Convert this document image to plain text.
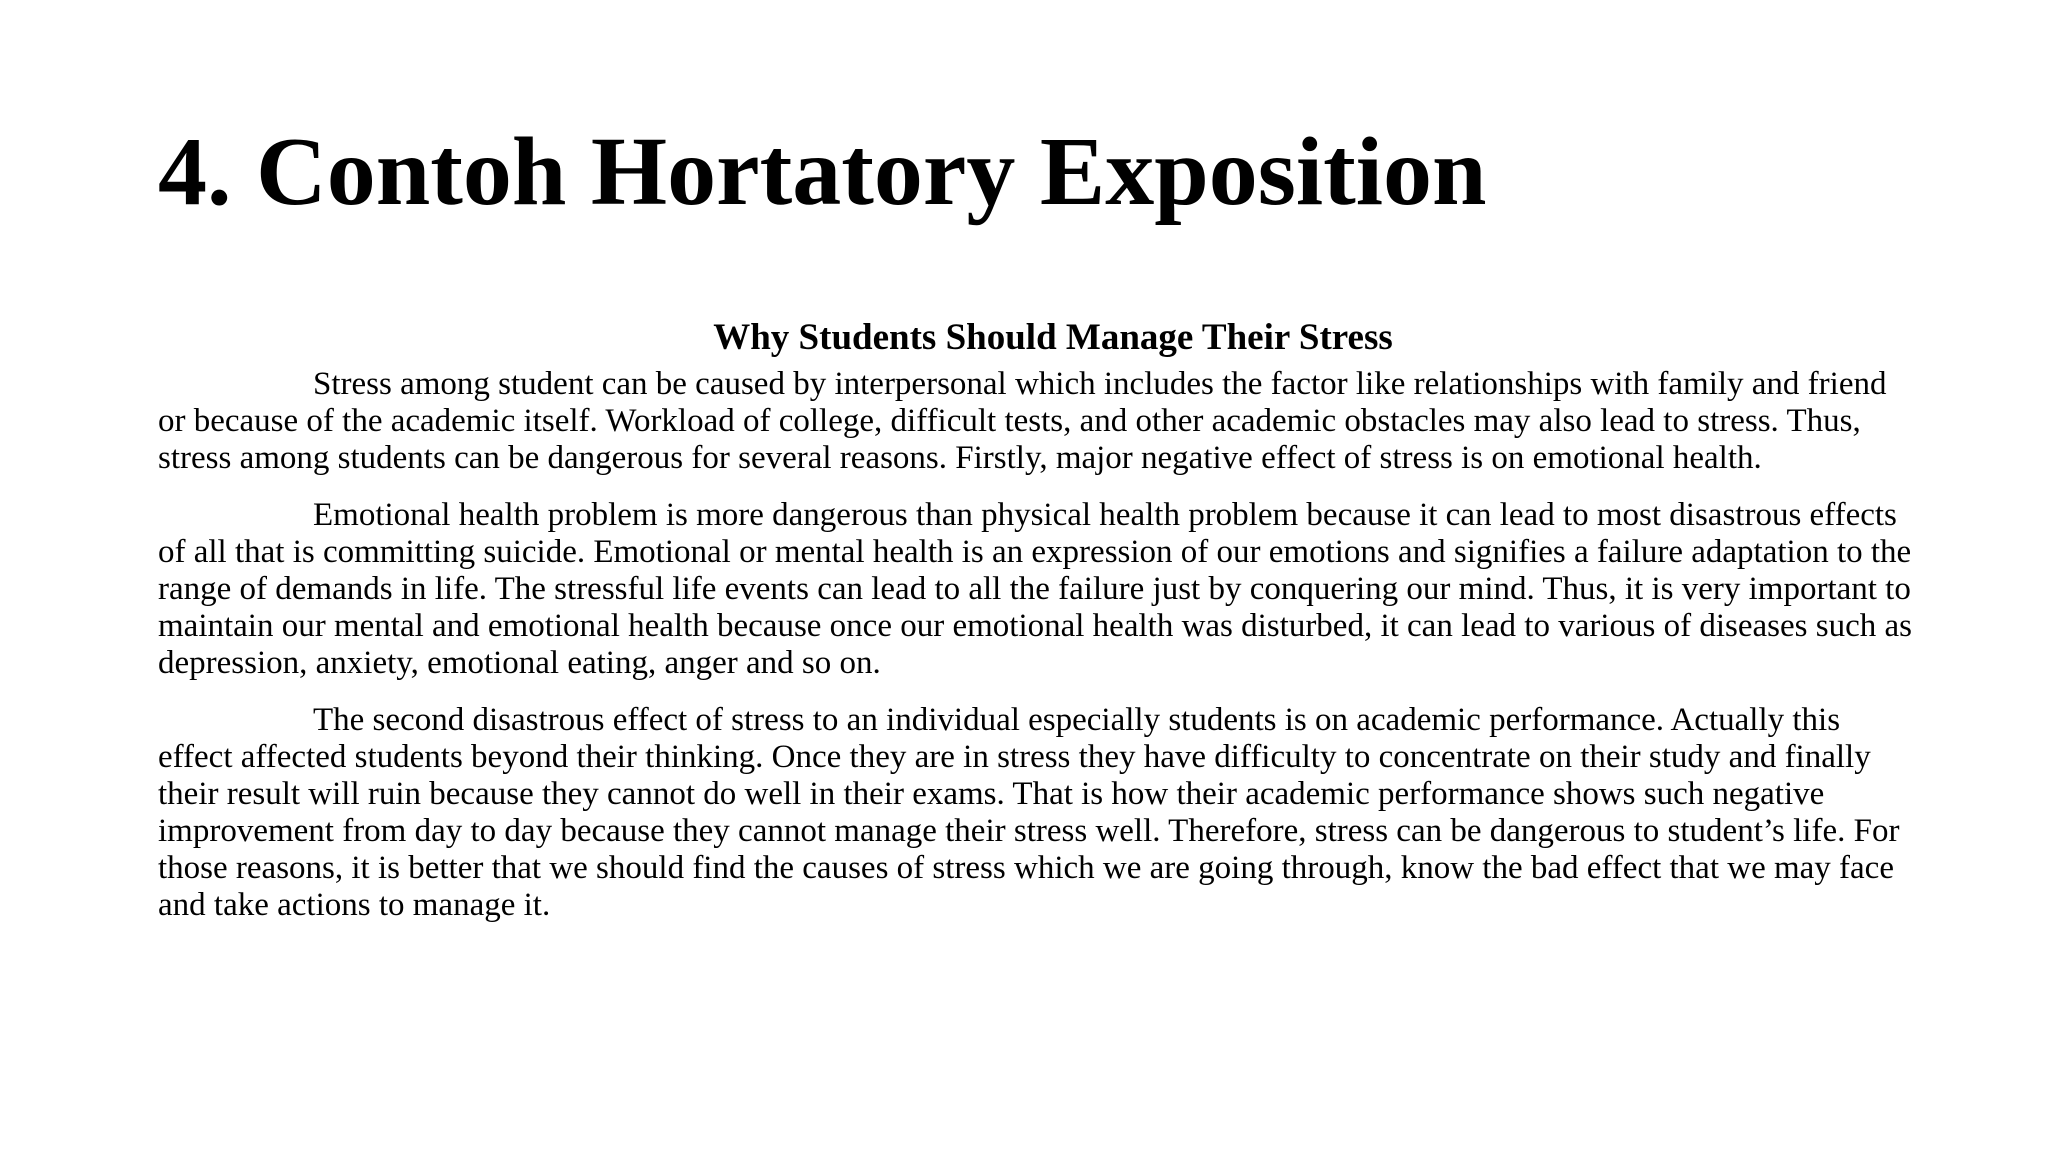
4. Contoh Hortatory Exposition
Why Students Should Manage Their Stress

Stress among student can be caused by interpersonal which includes the factor like relationships with family and friend or because of the academic itself. Workload of college, difficult tests, and other academic obstacles may also lead to stress. Thus, stress among students can be dangerous for several reasons. Firstly, major negative effect of stress is on emotional health.

Emotional health problem is more dangerous than physical health problem because it can lead to most disastrous effects of all that is committing suicide. Emotional or mental health is an expression of our emotions and signifies a failure adaptation to the range of demands in life. The stressful life events can lead to all the failure just by conquering our mind. Thus, it is very important to maintain our mental and emotional health because once our emotional health was disturbed, it can lead to various of diseases such as depression, anxiety, emotional eating, anger and so on.

The second disastrous effect of stress to an individual especially students is on academic performance. Actually this effect affected students beyond their thinking. Once they are in stress they have difficulty to concentrate on their study and finally their result will ruin because they cannot do well in their exams. That is how their academic performance shows such negative improvement from day to day because they cannot manage their stress well. Therefore, stress can be dangerous to student’s life. For those reasons, it is better that we should find the causes of stress which we are going through, know the bad effect that we may face and take actions to manage it.
